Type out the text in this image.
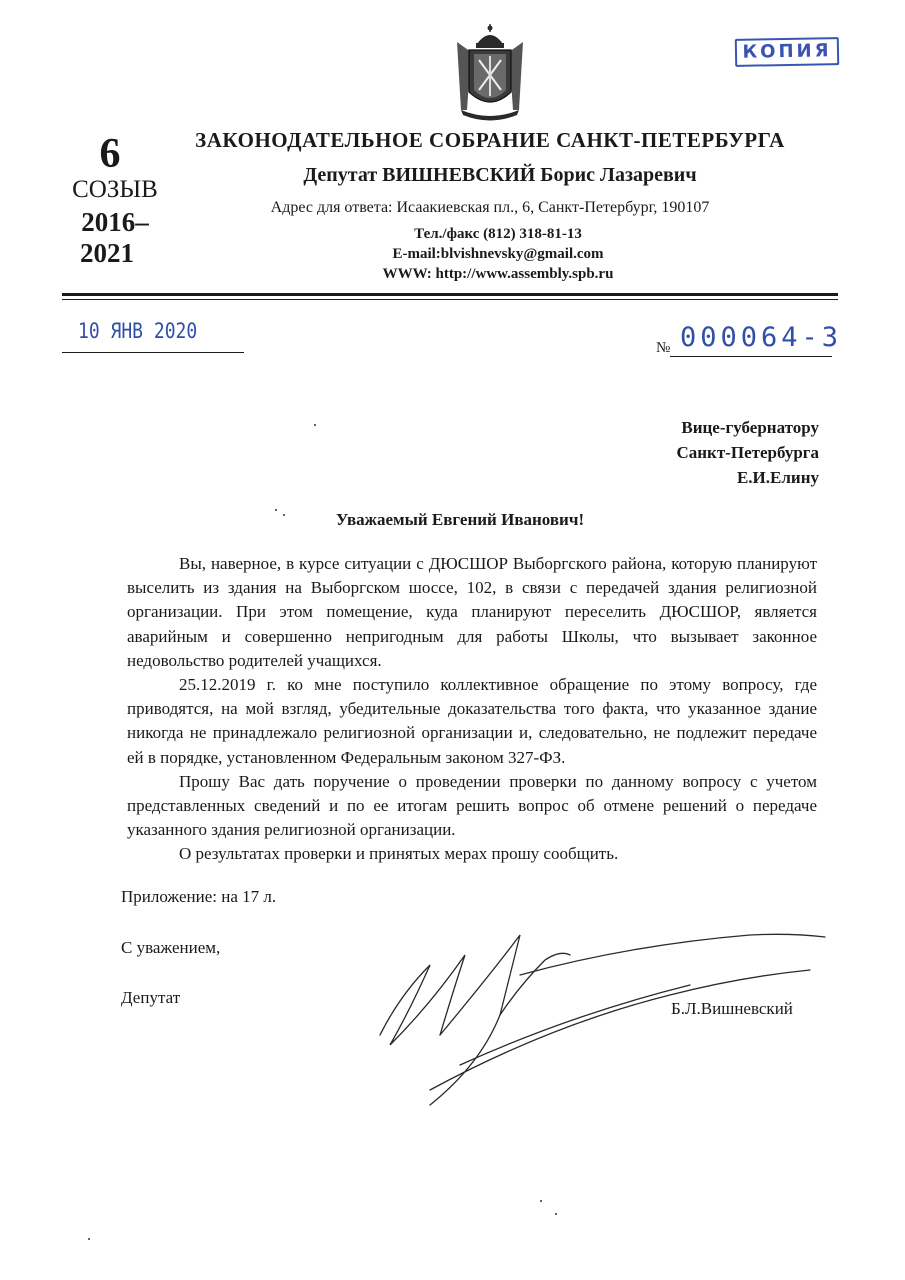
КОПИЯ
6
СОЗЫВ
2016–
2021
ЗАКОНОДАТЕЛЬНОЕ СОБРАНИЕ САНКТ-ПЕТЕРБУРГА
Депутат ВИШНЕВСКИЙ Борис Лазаревич
Адрес для ответа: Исаакиевская пл., 6, Санкт-Петербург, 190107
Тел./факс (812) 318-81-13
E-mail:blvishnevsky@gmail.com
WWW: http://www.assembly.spb.ru
10 ЯНВ 2020
№ 000064-3
Вице-губернатору
Санкт-Петербурга
Е.И.Елину
Уважаемый Евгений Иванович!

Вы, наверное, в курсе ситуации с ДЮСШОР Выборгского района, которую планируют выселить из здания на Выборгском шоссе, 102, в связи с передачей здания религиозной организации. При этом помещение, куда планируют переселить ДЮСШОР, является аварийным и совершенно непригодным для работы Школы, что вызывает законное недовольство родителей учащихся.

25.12.2019 г. ко мне поступило коллективное обращение по этому вопросу, где приводятся, на мой взгляд, убедительные доказательства того факта, что указанное здание никогда не принадлежало религиозной организации и, следовательно, не подлежит передаче ей в порядке, установленном Федеральным законом 327-ФЗ.

Прошу Вас дать поручение о проведении проверки по данному вопросу с учетом представленных сведений и по ее итогам решить вопрос об отмене решений о передаче указанного здания религиозной организации.

О результатах проверки и принятых мерах прошу сообщить.

Приложение: на 17 л.
С уважением,
Депутат
Б.Л.Вишневский
